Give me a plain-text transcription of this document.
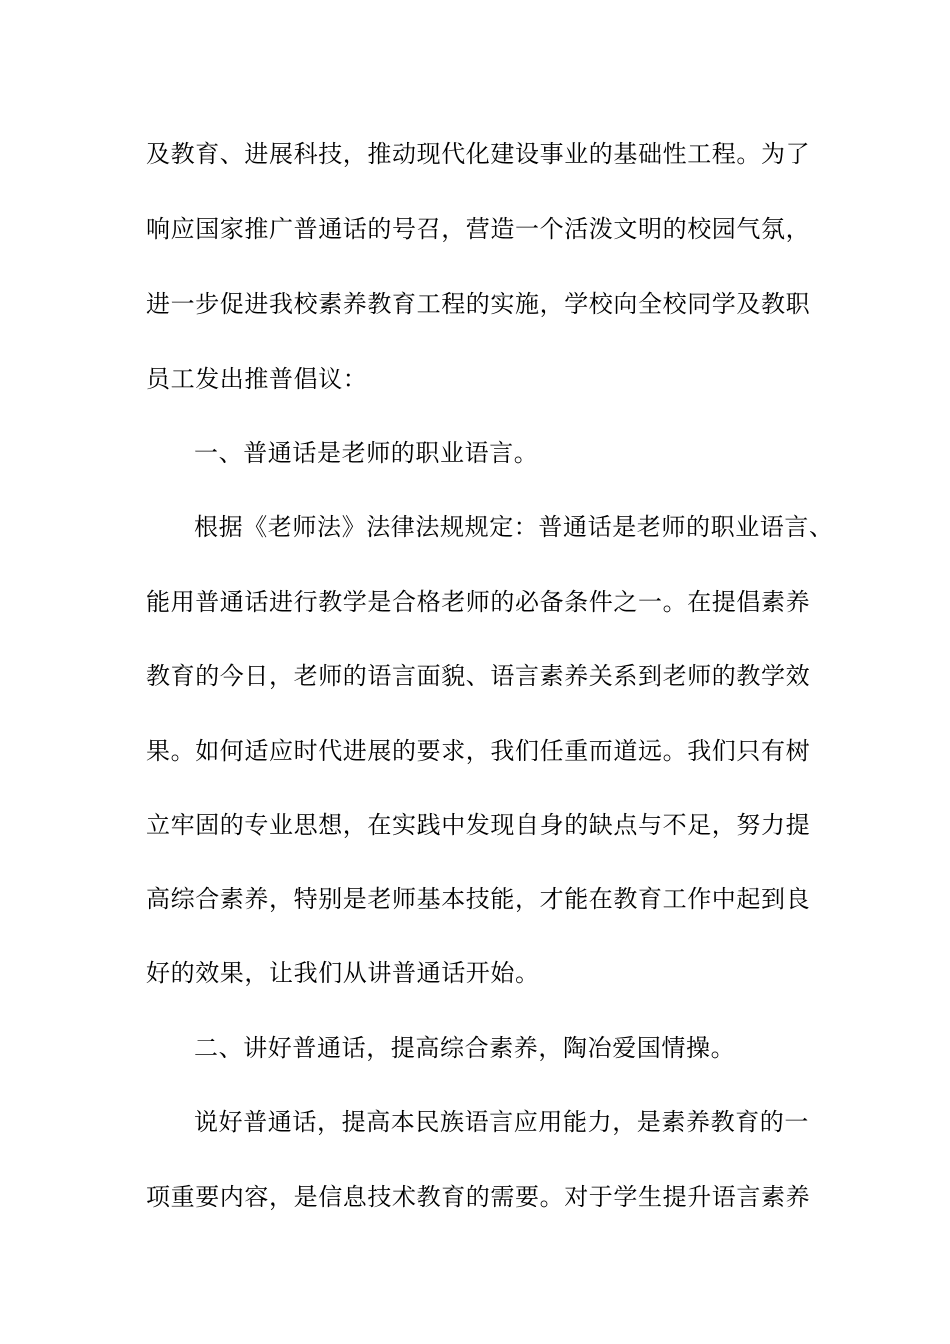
及教育、进展科技，推动现代化建设事业的基础性工程。为了
响应国家推广普通话的号召，营造一个活泼文明的校园气氛，
进一步促进我校素养教育工程的实施，学校向全校同学及教职
员工发出推普倡议：
一、普通话是老师的职业语言。
根据《老师法》法律法规规定：普通话是老师的职业语言、
能用普通话进行教学是合格老师的必备条件之一。在提倡素养
教育的今日，老师的语言面貌、语言素养关系到老师的教学效
果。如何适应时代进展的要求，我们任重而道远。我们只有树
立牢固的专业思想，在实践中发现自身的缺点与不足，努力提
高综合素养，特别是老师基本技能，才能在教育工作中起到良
好的效果，让我们从讲普通话开始。
二、讲好普通话，提高综合素养，陶冶爱国情操。
说好普通话，提高本民族语言应用能力，是素养教育的一
项重要内容，是信息技术教育的需要。对于学生提升语言素养
